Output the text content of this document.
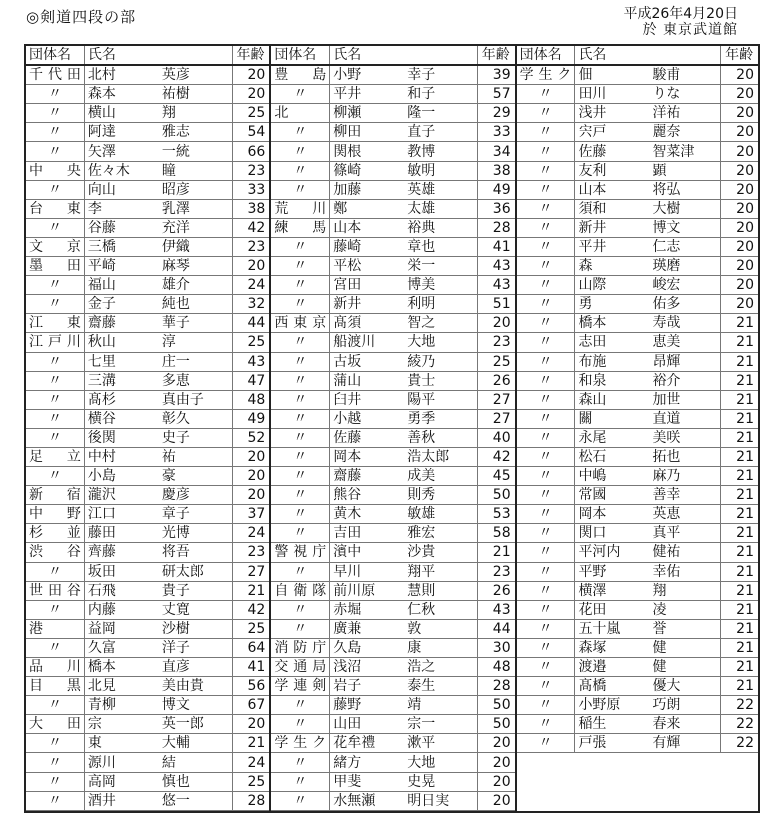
◎剣道四段の部	平成26年4月20日
於 東京武道館
団体名	氏名	年齢
千代田	北村 英彦	20
〃	森本 祐樹	20
〃	横山 翔	25
〃	阿達 雅志	54
〃	矢澤 一統	66
中央	佐々木 瞳	23
〃	向山 昭彦	33
台東	李 乳澤	38
〃	谷藤 充洋	42
文京	三橋 伊織	23
墨田	平崎 麻琴	20
〃	福山 雄介	24
〃	金子 純也	32
江東	齋藤 華子	44
江戸川	秋山 淳	25
〃	七里 庄一	43
〃	三溝 多恵	47
〃	髙杉 真由子	48
〃	横谷 彰久	49
〃	後関 史子	52
足立	中村 祐	20
〃	小島 豪	20
新宿	瀧沢 慶彦	20
中野	江口 章子	37
杉並	藤田 光博	24
渋谷	齊藤 将吾	23
〃	坂田 研太郎	27
世田谷	石飛 貴子	21
〃	内藤 丈寛	42
港	益岡 沙樹	25
〃	久富 洋子	64
品川	橋本 直彦	41
目黒	北見 美由貴	56
〃	青柳 博文	67
大田	宗 英一郎	20
〃	東 大輔	21
〃	源川 結	24
〃	高岡 慎也	25
〃	酒井 悠一	28
団体名	氏名	年齢
豊島	小野 幸子	39
〃	平井 和子	57
北	柳瀬 隆一	29
〃	柳田 直子	33
〃	関根 教博	34
〃	篠崎 敏明	38
〃	加藤 英雄	49
荒川	鄭 太雄	36
練馬	山本 裕典	28
〃	藤崎 章也	41
〃	平松 栄一	43
〃	宮田 博美	43
〃	新井 利明	51
西東京	髙須 智之	20
〃	船渡川 大地	23
〃	古坂 綾乃	25
〃	蒲山 貴士	26
〃	臼井 陽平	27
〃	小越 勇季	27
〃	佐藤 善秋	40
〃	岡本 浩太郎	42
〃	齋藤 成美	45
〃	熊谷 則秀	50
〃	黄木 敏雄	53
〃	吉田 雅宏	58
警視庁	濱中 沙貴	21
〃	早川 翔平	23
自衛隊	前川原 慧則	26
〃	赤堀 仁秋	43
〃	廣兼 敦	44
消防庁	久島 康	30
交通局	浅沼 浩之	48
学連剣	岩子 泰生	28
〃	藤野 靖	50
〃	山田 宗一	50
学生ク	花牟禮 漱平	20
〃	緒方 大地	20
〃	甲斐 史晃	20
〃	水無瀬 明日実	20
団体名	氏名	年齢
学生ク	佃 駿甫	20
〃	田川 りな	20
〃	浅井 洋祐	20
〃	宍戸 麗奈	20
〃	佐藤 智菜津	20
〃	友利 顕	20
〃	山本 将弘	20
〃	須和 大樹	20
〃	新井 博文	20
〃	平井 仁志	20
〃	森 瑛磨	20
〃	山際 峻宏	20
〃	勇 佑多	20
〃	橋本 寿哉	21
〃	志田 恵美	21
〃	布施 昂輝	21
〃	和泉 裕介	21
〃	森山 加世	21
〃	關 直道	21
〃	永尾 美咲	21
〃	松石 拓也	21
〃	中嶋 麻乃	21
〃	常國 善幸	21
〃	岡本 英恵	21
〃	関口 真平	21
〃	平河内 健祐	21
〃	平野 幸佑	21
〃	横澤 翔	21
〃	花田 凌	21
〃	五十嵐 誉	21
〃	森塚 健	21
〃	渡邉 健	21
〃	髙橋 優大	21
〃	小野原 巧朗	22
〃	稲生 春来	22
〃	戸張 有輝	22
